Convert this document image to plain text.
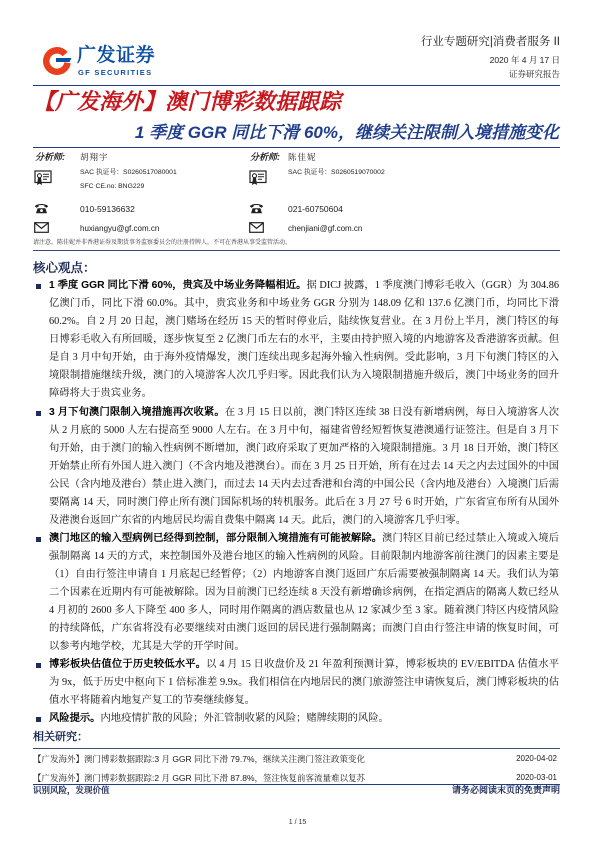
广发证券
GF SECURITIES
行业专题研究|消费者服务 II
2020 年 4 月 17 日
证券研究报告
【广发海外】澳门博彩数据跟踪
1 季度 GGR 同比下滑 60%，继续关注限制入境措施变化
分析师: 胡翔宇
SAC 执证号：S0260517080001
SFC CE.no: BNG229
010-59136632
huxiangyu@gf.com.cn
分析师: 陈佳妮
SAC 执证号：S0260519070002
021-60750604
chenjiani@gf.com.cn
请注意，陈佳妮并非香港证券及期货事务监察委员会的注册持牌人，不可在香港从事受监管活动。
核心观点：

1 季度 GGR 同比下滑 60%，贵宾及中场业务降幅相近。据 DICJ 披露，1 季度澳门博彩毛收入（GGR）为 304.86 亿澳门币，同比下滑 60.0%。其中，贵宾业务和中场业务 GGR 分别为 148.09 亿和 137.6 亿澳门币，均同比下滑 60.2%。自 2 月 20 日起，澳门赌场在经历 15 天的暂时停业后，陆续恢复营业。在 3 月份上半月，澳门特区的每日博彩毛收入有所回暖，逐步恢复至 2 亿澳门币左右的水平，主要由持护照入境的内地游客及香港游客贡献。但是自 3 月中旬开始，由于海外疫情爆发，澳门连续出现多起海外输入性病例。受此影响，3 月下旬澳门特区的入境限制措施继续升级，澳门的入境游客人次几乎归零。因此我们认为入境限制措施升级后，澳门中场业务的回升障碍将大于贵宾业务。

3 月下旬澳门限制入境措施再次收紧。在 3 月 15 日以前，澳门特区连续 38 日没有新增病例，每日入境游客人次从 2 月底的 5000 人左右提高至 9000 人左右。在 3 月中旬，福建省曾经短暂恢复港澳通行证签注。但是自 3 月下旬开始，由于澳门的输入性病例不断增加，澳门政府采取了更加严格的入境限制措施。3 月 18 日开始，澳门特区开始禁止所有外国人进入澳门（不含内地及港澳台）。而在 3 月 25 日开始，所有在过去 14 天之内去过国外的中国公民（含内地及港台）禁止进入澳门，而过去 14 天内去过香港和台湾的中国公民（含内地及港台）入境澳门后需要隔离 14 天，同时澳门停止所有澳门国际机场的转机服务。此后在 3 月 27 号 6 时开始，广东省宣布所有从国外及港澳台返回广东省的内地居民均需自费集中隔离 14 天。此后，澳门的入境游客几乎归零。

澳门地区的输入型病例已经得到控制，部分限制入境措施有可能被解除。澳门特区目前已经过禁止入境或入境后强制隔离 14 天的方式，来控制国外及港台地区的输入性病例的风险。目前限制内地游客前往澳门的因素主要是（1）自由行签注申请自 1 月底起已经暂停；（2）内地游客自澳门返回广东后需要被强制隔离 14 天。我们认为第二个因素在近期内有可能被解除。因为目前澳门已经连续 8 天没有新增确诊病例，在指定酒店的隔离人数已经从 4 月初的 2600 多人下降至 400 多人，同时用作隔离的酒店数量也从 12 家减少至 3 家。随着澳门特区内疫情风险的持续降低，广东省将没有必要继续对由澳门返回的居民进行强制隔离；而澳门自由行签注申请的恢复时间，可以参考内地学校，尤其是大学的开学时间。

博彩板块估值位于历史较低水平。以 4 月 15 日收盘价及 21 年盈利预测计算，博彩板块的 EV/EBITDA 估值水平为 9x，低于历史中枢向下 1 倍标准差 9.9x。我们相信在内地居民的澳门旅游签注申请恢复后，澳门博彩板块的估值水平将随着内地复产复工的节奏继续修复。

风险提示。内地疫情扩散的风险；外汇管制收紧的风险；赌牌续期的风险。

相关研究：
【广发海外】澳门博彩数据跟踪:3 月 GGR 同比下滑 79.7%，继续关注澳门签注政策变化	2020-04-02
【广发海外】澳门博彩数据跟踪:2 月 GGR 同比下滑 87.8%，签注恢复前客流量难以复苏	2020-03-01
识别风险，发现价值	请务必阅读末页的免责声明
1 / 15
